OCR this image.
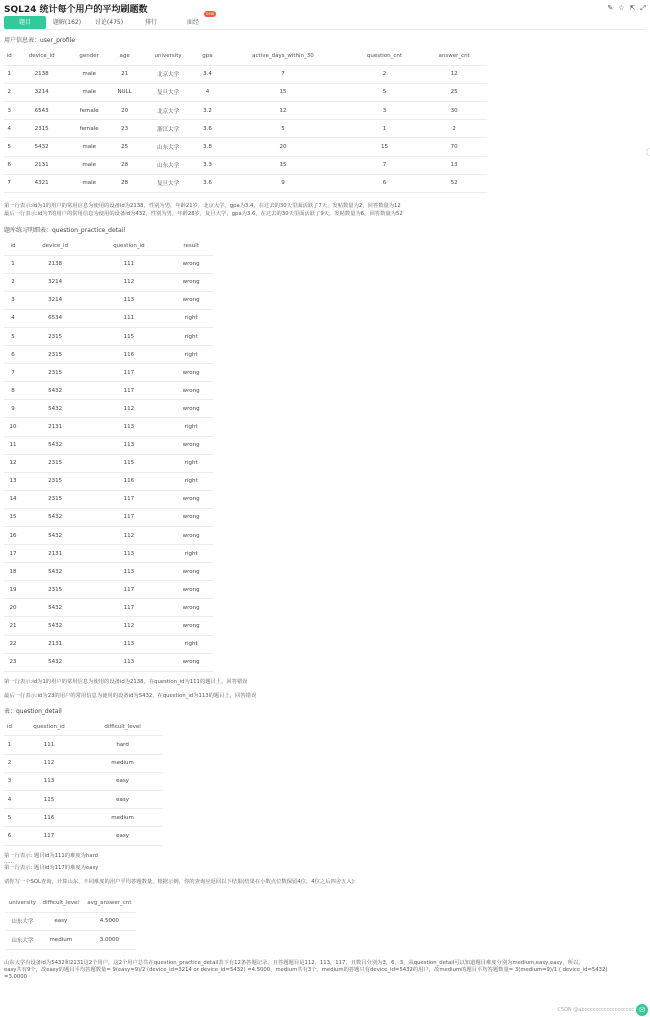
SQL24 统计每个用户的平均刷题数	✎ ☆ ⇱ ⤢
题目	题解(162)	讨论(475)	排行	面经
new
用户信息表：user_profile
id	device_id	gender	age	university	gpa	active_days_within_30	question_cnt	answer_cnt
1	2138	male	21	北京大学	3.4	7	2	12
2	3214	male	NULL	复旦大学	4	15	5	25
3	6543	female	20	北京大学	3.2	12	3	30
4	2315	female	23	浙江大学	3.6	5	1	2
5	5432	male	25	山东大学	3.8	20	15	70
6	2131	male	28	山东大学	3.3	15	7	13
7	4321	male	28	复旦大学	3.6	9	6	52
第一行表示:id为1的用户的常用信息为使用的设备id为2138，性别为男，年龄21岁，北京大学，gpa为3.4，在过去的30天里面活跃了7天，发帖数量为2，回答数量为12
最后一行表示:id为7的用户的常用信息为使用的设备id为432，性别为男，年龄28岁，复旦大学，gpa为3.6，在过去的30天里面活跃了9天，发帖数量为6，回答数量为52
题库练习明细表：question_practice_detail
id	device_id	question_id	result
1	2138	111	wrong
2	3214	112	wrong
3	3214	113	wrong
4	6534	111	right
5	2315	115	right
6	2315	116	right
7	2315	117	wrong
8	5432	117	wrong
9	5432	112	wrong
10	2131	113	right
11	5432	113	wrong
12	2315	115	right
13	2315	116	right
14	2315	117	wrong
15	5432	117	wrong
16	5432	112	wrong
17	2131	113	right
18	5432	113	wrong
19	2315	117	wrong
20	5432	117	wrong
21	5432	112	wrong
22	2131	113	right
23	5432	113	wrong
第一行表示:id为1的用户的常用信息为使用的设备id为2138，在question_id为111的题目上，回答错误
最后一行表示:id为23的用户的常用信息为使用的设备id为5432，在question_id为113的题目上，回答错误
表：question_detail
id	question_id	difficult_level
1	111	hard
2	112	medium
3	113	easy
4	115	easy
5	116	medium
6	117	easy
第一行表示: 题目id为111的难度为hard
......
第一行表示: 题目id为117的难度为easy
请你写一个SQL查询，计算山东、不同难度的用户平均答题数量，根据示例，你的查询应返回以下结果(结果在小数点位数保留4位，4位之后四舍五入)：
university	difficult_level	avg_answer_cnt
山东大学	easy	4.5000
山东大学	medium	3.0000
山东大学有设备id为5432和2131这2个用户，这2个用户总共在question_practice_detail表下有12条答题记录，且答题题目是112，113，117，且数目分别为3，6，3，从question_detail可以知道题目难度分别为medium,easy,easy，所以，
easy共有9个，故easy的题目平均答题数量= 9(easy=9)/2 (device_id=3214 or device_id=5432) =4.5000，medium共有3个，medium的答题只有device_id=5432的用户，故medium的题目平均答题数量= 3(medium=9)/1 ( device_id=5432)
=3.0000
CSDN @abcccccccccccccccccc ✉
